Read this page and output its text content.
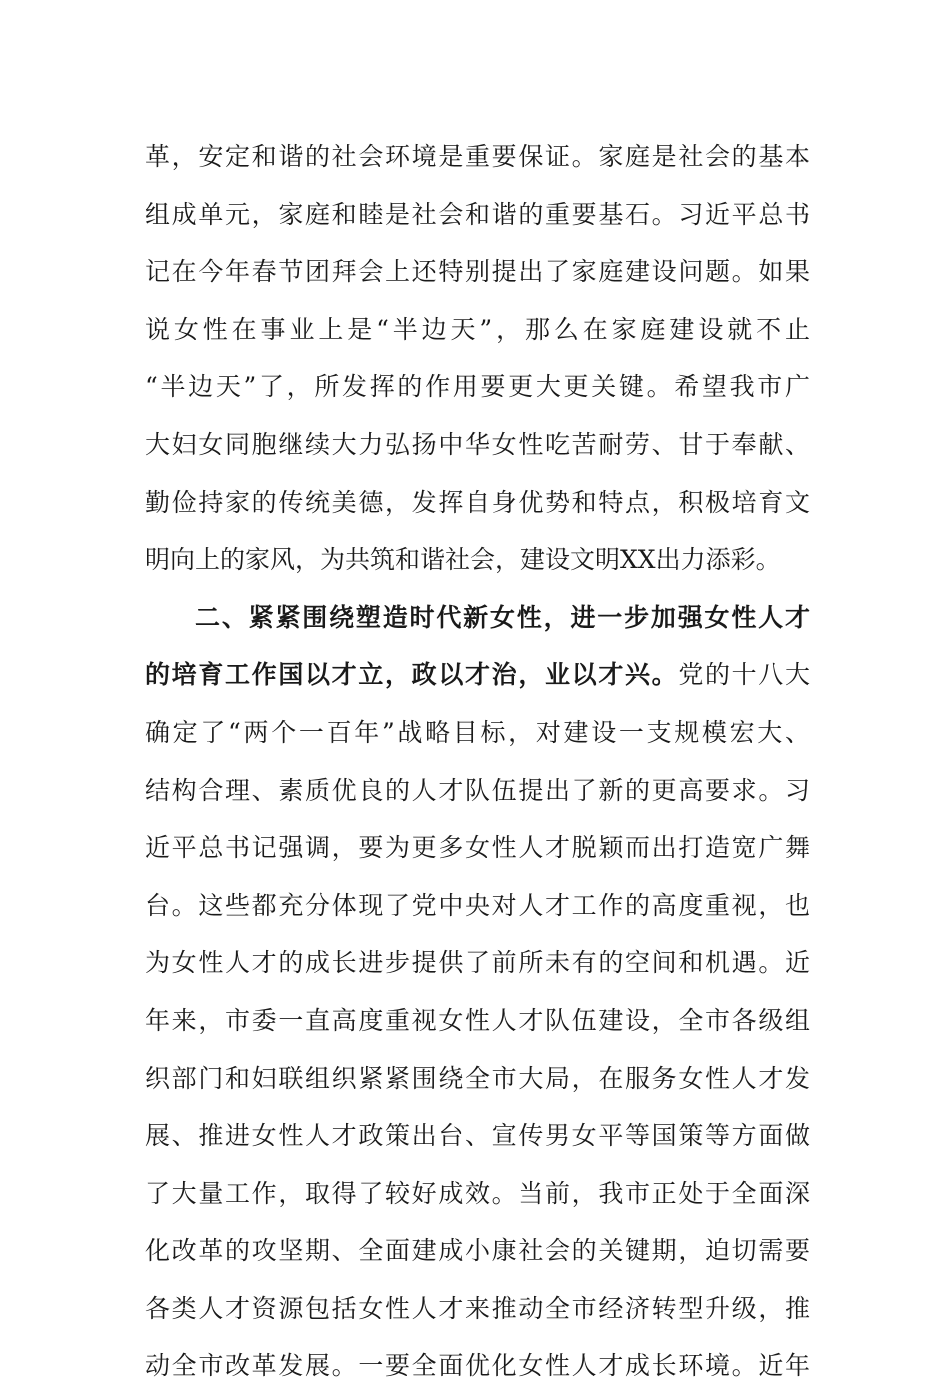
革，安定和谐的社会环境是重要保证。家庭是社会的基本
组成单元，家庭和睦是社会和谐的重要基石。习近平总书
记在今年春节团拜会上还特别提出了家庭建设问题。如果
说女性在事业上是“半边天”，那么在家庭建设就不止
“半边天”了，所发挥的作用要更大更关键。希望我市广
大妇女同胞继续大力弘扬中华女性吃苦耐劳、甘于奉献、
勤俭持家的传统美德，发挥自身优势和特点，积极培育文
明向上的家风，为共筑和谐社会，建设文明XX出力添彩。
二、紧紧围绕塑造时代新女性，进一步加强女性人才
的培育工作国以才立，政以才治，业以才兴。党的十八大
确定了“两个一百年”战略目标，对建设一支规模宏大、
结构合理、素质优良的人才队伍提出了新的更高要求。习
近平总书记强调，要为更多女性人才脱颖而出打造宽广舞
台。这些都充分体现了党中央对人才工作的高度重视，也
为女性人才的成长进步提供了前所未有的空间和机遇。近
年来，市委一直高度重视女性人才队伍建设，全市各级组
织部门和妇联组织紧紧围绕全市大局，在服务女性人才发
展、推进女性人才政策出台、宣传男女平等国策等方面做
了大量工作，取得了较好成效。当前，我市正处于全面深
化改革的攻坚期、全面建成小康社会的关键期，迫切需要
各类人才资源包括女性人才来推动全市经济转型升级，推
动全市改革发展。一要全面优化女性人才成长环境。近年
